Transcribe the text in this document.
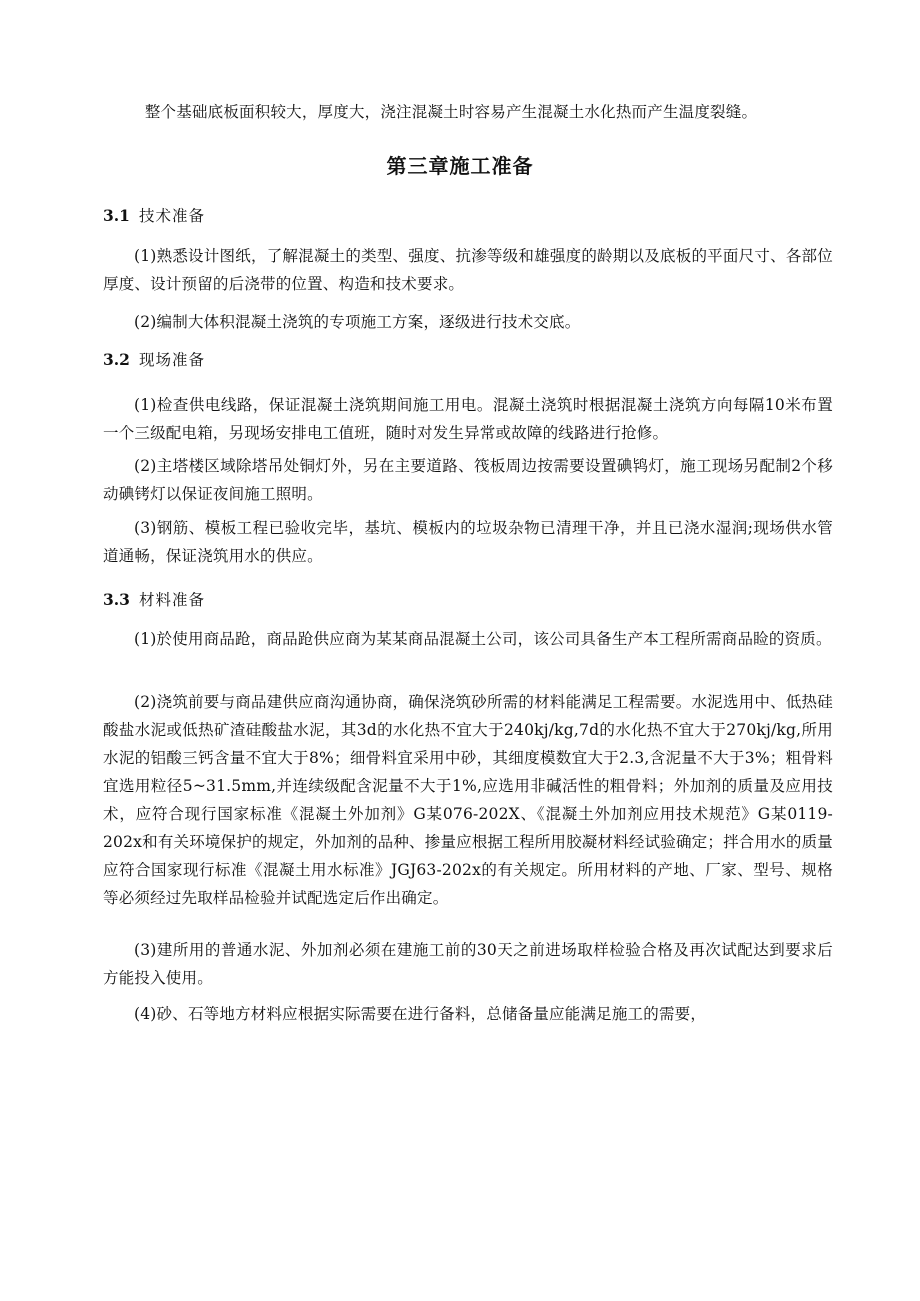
整个基础底板面积较大，厚度大，浇注混凝土时容易产生混凝土水化热而产生温度裂缝。

第三章施工准备
3.1 技术准备

(1)熟悉设计图纸，了解混凝土的类型、强度、抗渗等级和雄强度的龄期以及底板的平面尺寸、各部位厚度、设计预留的后浇带的位置、构造和技术要求。

(2)编制大体积混凝土浇筑的专项施工方案，逐级进行技术交底。

3.2 现场准备

(1)检查供电线路，保证混凝土浇筑期间施工用电。混凝土浇筑时根据混凝土浇筑方向每隔10米布置一个三级配电箱，另现场安排电工值班，随时对发生异常或故障的线路进行抢修。

(2)主塔楼区域除塔吊处铜灯外，另在主要道路、筏板周边按需要设置碘鸨灯，施工现场另配制2个移动碘铐灯以保证夜间施工照明。

(3)钢筋、模板工程已验收完毕，基坑、模板内的垃圾杂物已清理干净，并且已浇水湿润;现场供水管道通畅，保证浇筑用水的供应。

3.3 材料准备

(1)於使用商品跄，商品跄供应商为某某商品混凝土公司，该公司具备生产本工程所需商品睑的资质。

(2)浇筑前要与商品建供应商沟通协商，确保浇筑砂所需的材料能满足工程需要。水泥选用中、低热硅酸盐水泥或低热矿渣硅酸盐水泥，其3d的水化热不宜大于240kj/kg,7d的水化热不宜大于270kj/kg,所用水泥的铝酸三钙含量不宜大于8%；细骨料宜采用中砂，其细度模数宜大于2.3,含泥量不大于3%；粗骨料宜选用粒径5~31.5mm,并连续级配含泥量不大于1%,应选用非碱活性的粗骨料；外加剂的质量及应用技术，应符合现行国家标准《混凝土外加剂》G某076-202X、《混凝土外加剂应用技术规范》G某0119-202x和有关环境保护的规定，外加剂的品种、掺量应根据工程所用胶凝材料经试验确定；拌合用水的质量应符合国家现行标准《混凝土用水标准》JGJ63-202x的有关规定。所用材料的产地、厂家、型号、规格等必须经过先取样品检验并试配选定后作出确定。

(3)建所用的普通水泥、外加剂必须在建施工前的30天之前进场取样检验合格及再次试配达到要求后方能投入使用。

(4)砂、石等地方材料应根据实际需要在进行备料，总储备量应能满足施工的需要，
